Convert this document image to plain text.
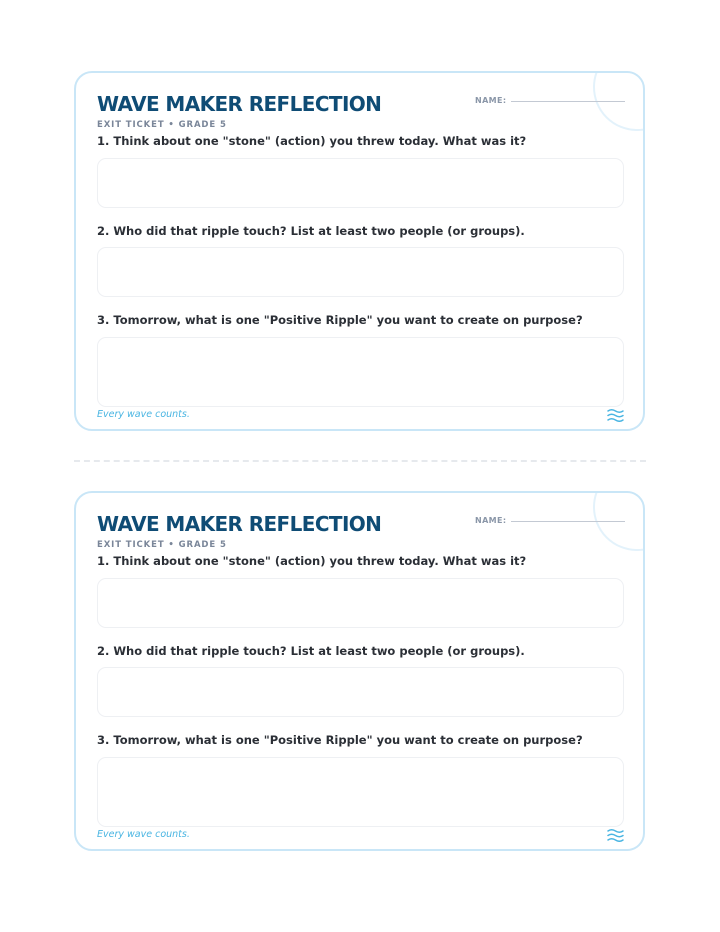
WAVE MAKER REFLECTION	NAME:
EXIT TICKET • GRADE 5
1. Think about one "stone" (action) you threw today. What was it?
2. Who did that ripple touch? List at least two people (or groups).
3. Tomorrow, what is one "Positive Ripple" you want to create on purpose?
Every wave counts.
WAVE MAKER REFLECTION	NAME:
EXIT TICKET • GRADE 5
1. Think about one "stone" (action) you threw today. What was it?
2. Who did that ripple touch? List at least two people (or groups).
3. Tomorrow, what is one "Positive Ripple" you want to create on purpose?
Every wave counts.
